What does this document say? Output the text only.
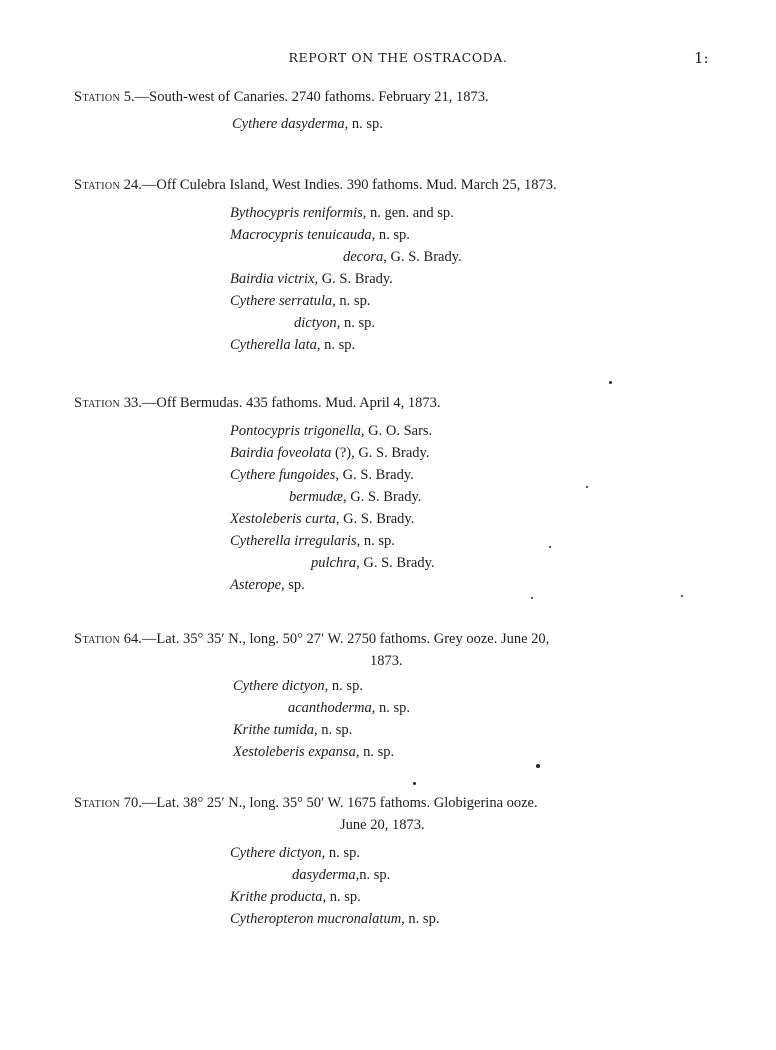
REPORT ON THE OSTRACODA.	1:
Station 5.—South-west of Canaries. 2740 fathoms. February 21, 1873.
Cythere dasyderma, n. sp.
Station 24.—Off Culebra Island, West Indies. 390 fathoms. Mud. March 25, 1873.
Bythocypris reniformis, n. gen. and sp.
Macrocypris tenuicauda, n. sp.
decora, G. S. Brady.
Bairdia victrix, G. S. Brady.
Cythere serratula, n. sp.
dictyon, n. sp.
Cytherella lata, n. sp.
Station 33.—Off Bermudas. 435 fathoms. Mud. April 4, 1873.
Pontocypris trigonella, G. O. Sars.
Bairdia foveolata (?), G. S. Brady.
Cythere fungoides, G. S. Brady.
bermudæ, G. S. Brady.
Xestoleberis curta, G. S. Brady.
Cytherella irregularis, n. sp.
pulchra, G. S. Brady.
Asterope, sp.
Station 64.—Lat. 35° 35′ N., long. 50° 27′ W. 2750 fathoms. Grey ooze. June 20,
1873.
Cythere dictyon, n. sp.
acanthoderma, n. sp.
Krithe tumida, n. sp.
Xestoleberis expansa, n. sp.
Station 70.—Lat. 38° 25′ N., long. 35° 50′ W. 1675 fathoms. Globigerina ooze.
June 20, 1873.
Cythere dictyon, n. sp.
dasyderma,n. sp.
Krithe producta, n. sp.
Cytheropteron mucronalatum, n. sp.
